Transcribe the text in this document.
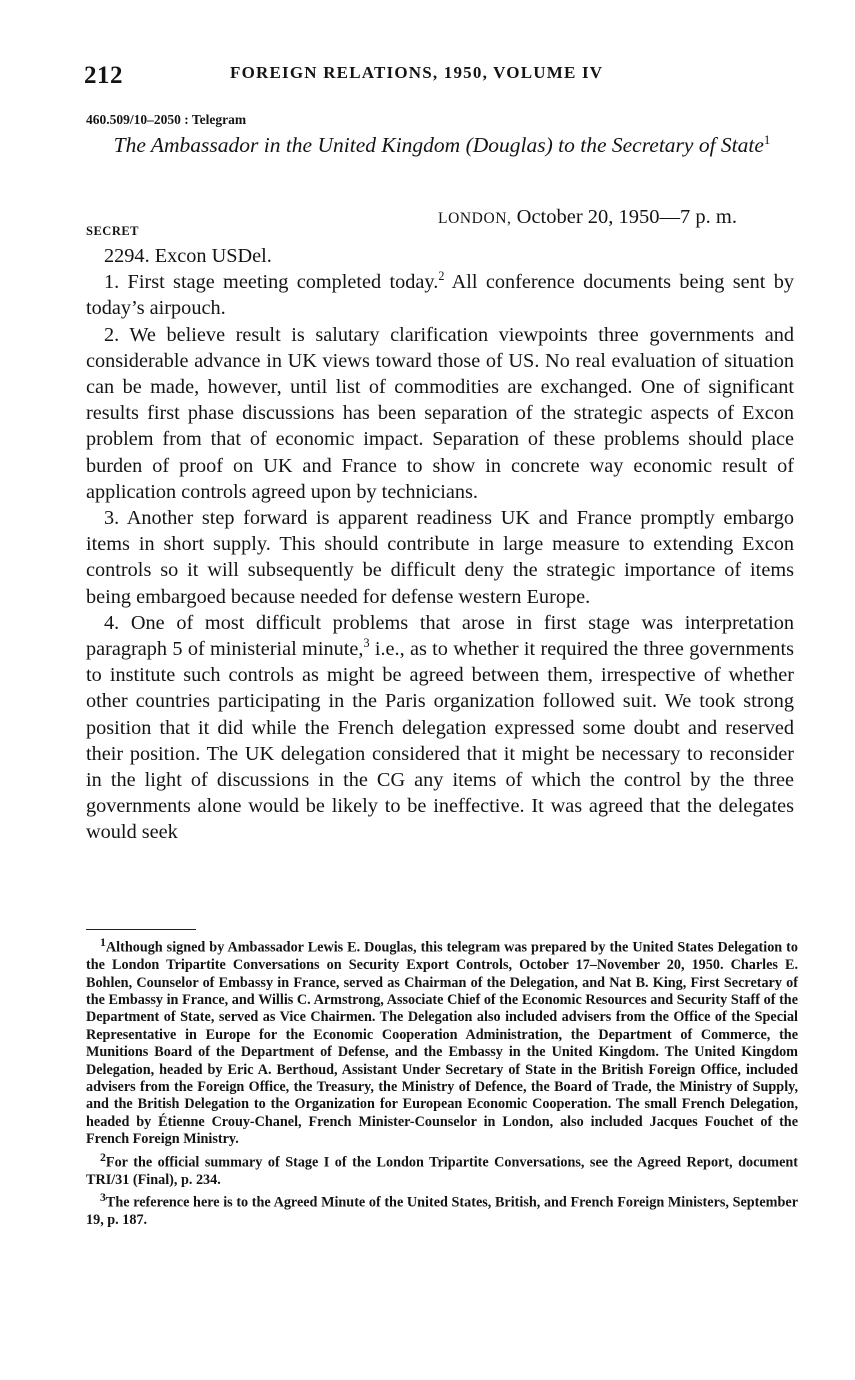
212	FOREIGN RELATIONS, 1950, VOLUME IV
460.509/10–2050 : Telegram
The Ambassador in the United Kingdom (Douglas) to the Secretary of State$^1$
SECRET
LONDON, October 20, 1950—7 p. m.

2294. Excon USDel.

1. First stage meeting completed today.$^2$ All conference documents being sent by today’s airpouch.

2. We believe result is salutary clarification viewpoints three governments and considerable advance in UK views toward those of US. No real evaluation of situation can be made, however, until list of commodities are exchanged. One of significant results first phase discussions has been separation of the strategic aspects of Excon problem from that of economic impact. Separation of these problems should place burden of proof on UK and France to show in concrete way economic result of application controls agreed upon by technicians.

3. Another step forward is apparent readiness UK and France promptly embargo items in short supply. This should contribute in large measure to extending Excon controls so it will subsequently be difficult deny the strategic importance of items being embargoed because needed for defense western Europe.

4. One of most difficult problems that arose in first stage was interpretation paragraph 5 of ministerial minute,$^3$ i.e., as to whether it required the three governments to institute such controls as might be agreed between them, irrespective of whether other countries participating in the Paris organization followed suit. We took strong position that it did while the French delegation expressed some doubt and reserved their position. The UK delegation considered that it might be necessary to reconsider in the light of discussions in the CG any items of which the control by the three governments alone would be likely to be ineffective. It was agreed that the delegates would seek

$^1$Although signed by Ambassador Lewis E. Douglas, this telegram was prepared by the United States Delegation to the London Tripartite Conversations on Security Export Controls, October 17–November 20, 1950. Charles E. Bohlen, Counselor of Embassy in France, served as Chairman of the Delegation, and Nat B. King, First Secretary of the Embassy in France, and Willis C. Armstrong, Associate Chief of the Economic Resources and Security Staff of the Department of State, served as Vice Chairmen. The Delegation also included advisers from the Office of the Special Representative in Europe for the Economic Cooperation Administration, the Department of Commerce, the Munitions Board of the Department of Defense, and the Embassy in the United Kingdom. The United Kingdom Delegation, headed by Eric A. Berthoud, Assistant Under Secretary of State in the British Foreign Office, included advisers from the Foreign Office, the Treasury, the Ministry of Defence, the Board of Trade, the Ministry of Supply, and the British Delegation to the Organization for European Economic Cooperation. The small French Delegation, headed by Étienne Crouy-Chanel, French Minister-Counselor in London, also included Jacques Fouchet of the French Foreign Ministry.

$^2$For the official summary of Stage I of the London Tripartite Conversations, see the Agreed Report, document TRI/31 (Final), p. 234.

$^3$The reference here is to the Agreed Minute of the United States, British, and French Foreign Ministers, September 19, p. 187.
